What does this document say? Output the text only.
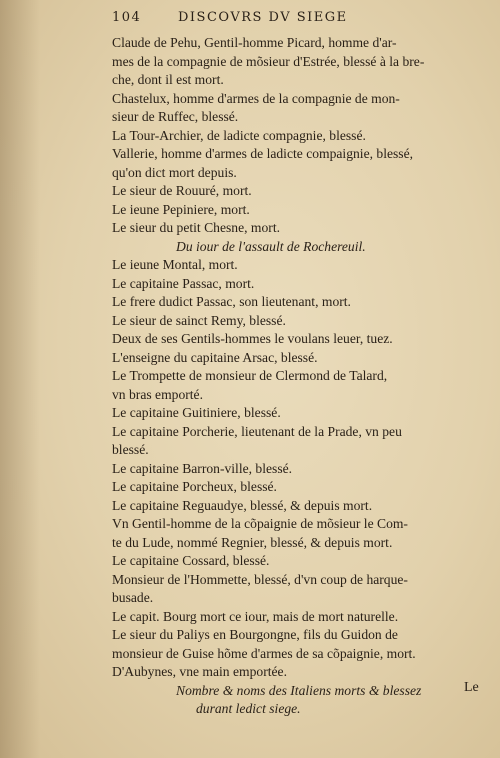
104	DISCOVRS DV SIEGE
Claude de Pehu, Gentil-homme Picard, homme d'ar-
mes de la compagnie de mõsieur d'Estrée, blessé à la bre-
che, dont il est mort.
Chastelux, homme d'armes de la compagnie de mon-
sieur de Ruffec, blessé.
La Tour-Archier, de ladicte compagnie, blessé.
Vallerie, homme d'armes de ladicte compaignie, blessé,
qu'on dict mort depuis.
Le sieur de Rouuré, mort.
Le ieune Pepiniere, mort.
Le sieur du petit Chesne, mort.
Du iour de l'assault de Rochereuil.
Le ieune Montal, mort.
Le capitaine Passac, mort.
Le frere dudict Passac, son lieutenant, mort.
Le sieur de sainct Remy, blessé.
Deux de ses Gentils-hommes le voulans leuer, tuez.
L'enseigne du capitaine Arsac, blessé.
Le Trompette de monsieur de Clermond de Talard,
vn bras emporté.
Le capitaine Guitiniere, blessé.
Le capitaine Porcherie, lieutenant de la Prade, vn peu
blessé.
Le capitaine Barron-ville, blessé.
Le capitaine Porcheux, blessé.
Le capitaine Reguaudye, blessé, & depuis mort.
Vn Gentil-homme de la cõpaignie de mõsieur le Com-
te du Lude, nommé Regnier, blessé, & depuis mort.
Le capitaine Cossard, blessé.
Monsieur de l'Hommette, blessé, d'vn coup de harque-
busade.
Le capit. Bourg mort ce iour, mais de mort naturelle.
Le sieur du Paliys en Bourgongne, fils du Guidon de
monsieur de Guise hõme d'armes de sa cõpaignie, mort.
D'Aubynes, vne main emportée.
Nombre & noms des Italiens morts & blessez
durant ledict siege.
Le
